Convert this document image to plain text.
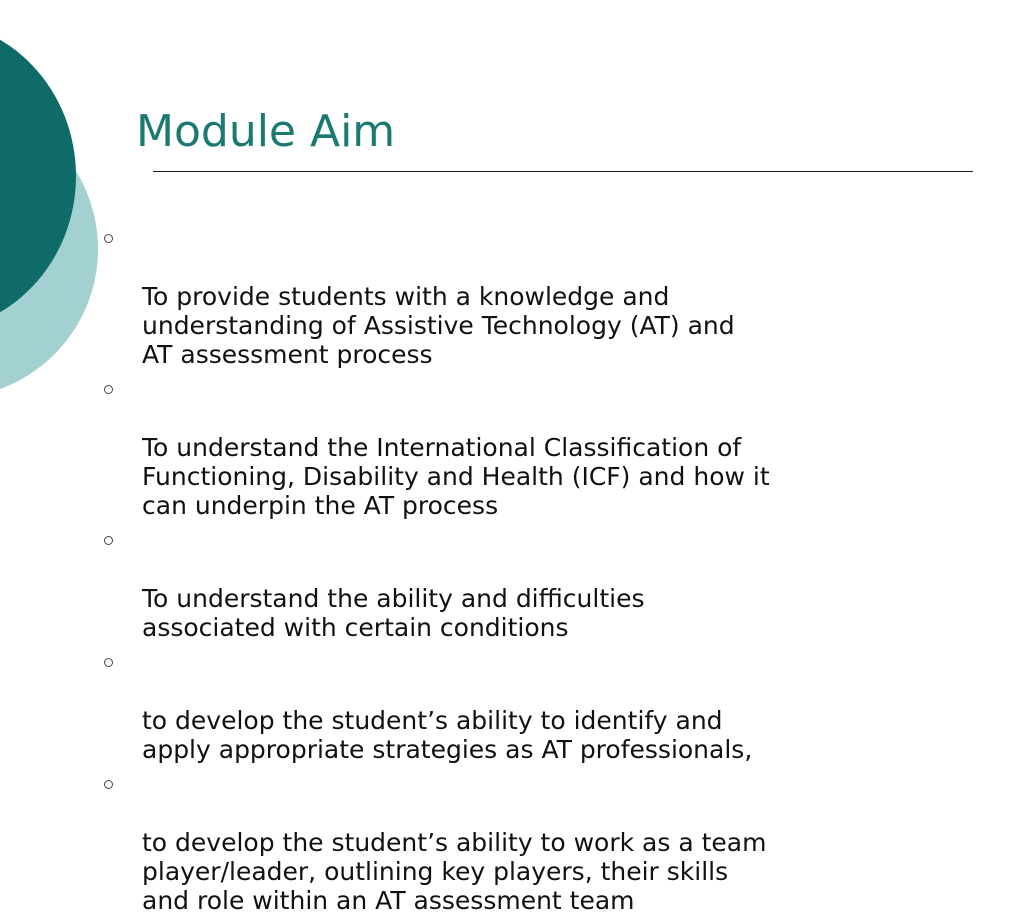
Module Aim

To provide students with a knowledge and
understanding of Assistive Technology (AT) and
AT assessment process

To understand the International Classification of
Functioning, Disability and Health (ICF) and how it
can underpin the AT process

To understand the ability and difficulties
associated with certain conditions

to develop the student’s ability to identify and
apply appropriate strategies as AT professionals,

to develop the student’s ability to work as a team
player/leader, outlining key players, their skills
and role within an AT assessment team
